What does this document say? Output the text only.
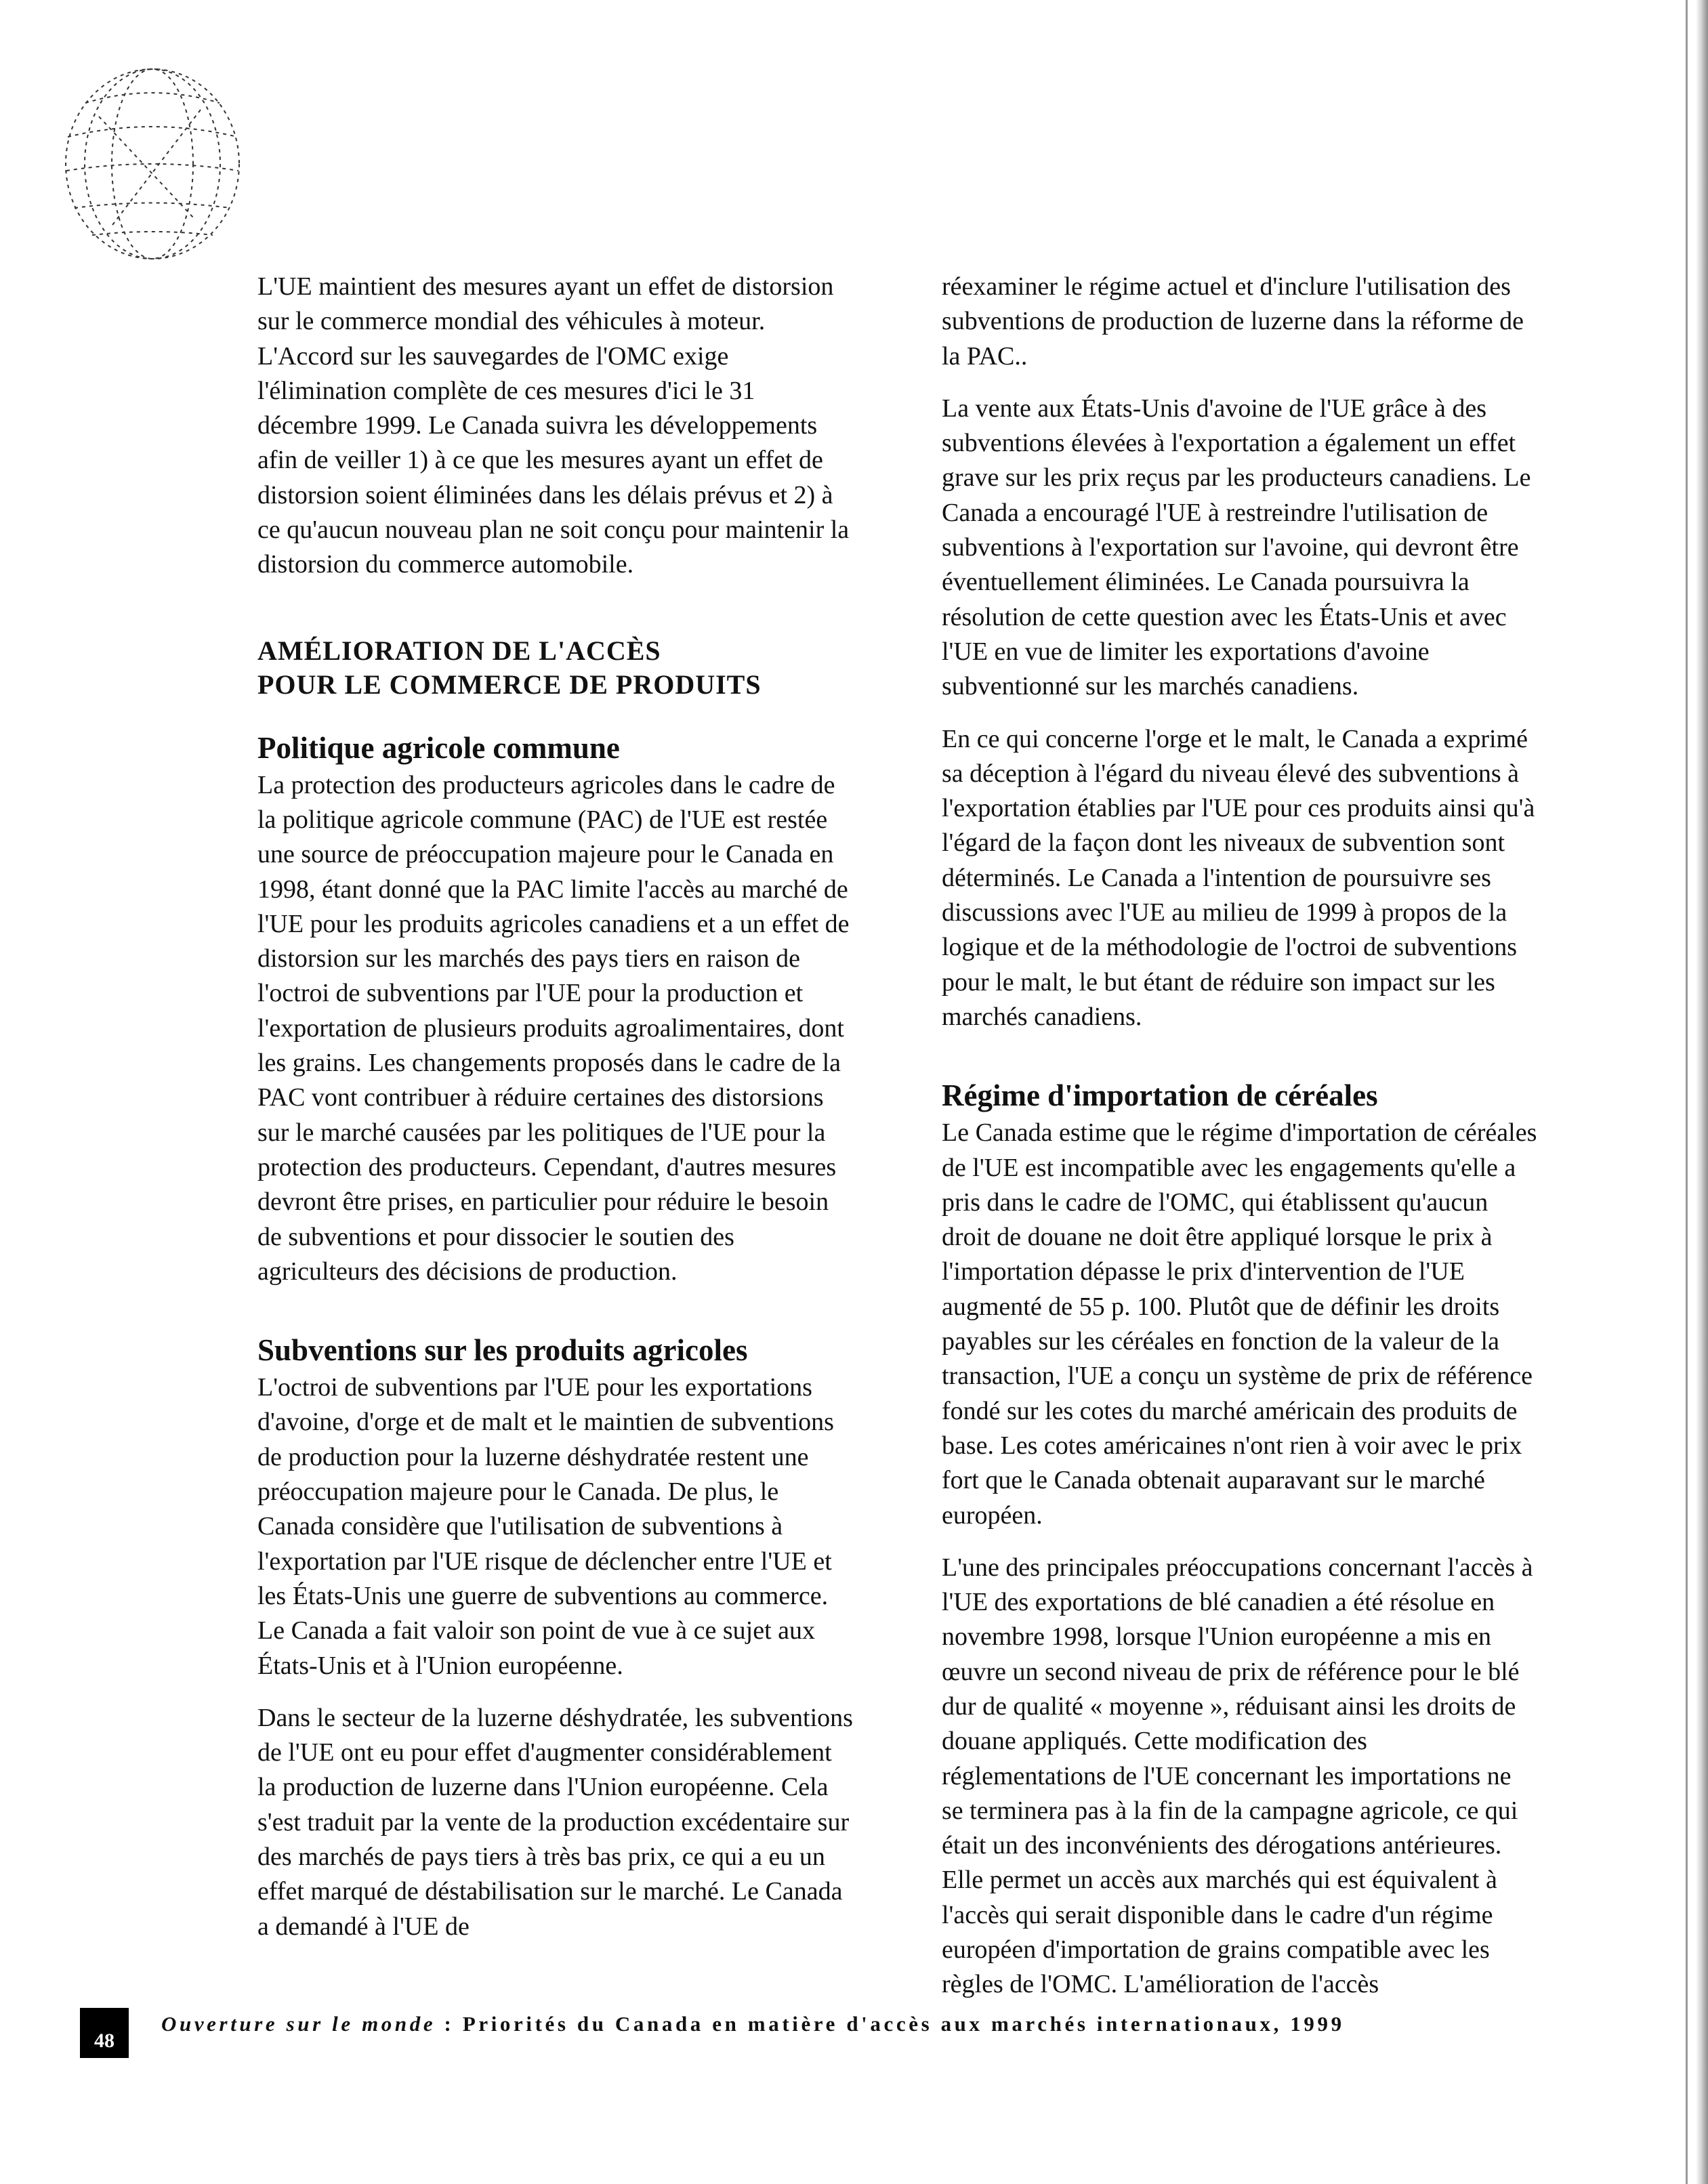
L'UE maintient des mesures ayant un effet de distorsion sur le commerce mondial des véhicules à moteur. L'Accord sur les sauvegardes de l'OMC exige l'élimination complète de ces mesures d'ici le 31 décembre 1999. Le Canada suivra les développements afin de veiller 1) à ce que les mesures ayant un effet de distorsion soient éliminées dans les délais prévus et 2) à ce qu'aucun nouveau plan ne soit conçu pour maintenir la distorsion du commerce automobile.

AMÉLIORATION DE L'ACCÈS
POUR LE COMMERCE DE PRODUITS
Politique agricole commune

La protection des producteurs agricoles dans le cadre de la politique agricole commune (PAC) de l'UE est restée une source de préoccupation majeure pour le Canada en 1998, étant donné que la PAC limite l'accès au marché de l'UE pour les produits agricoles canadiens et a un effet de distorsion sur les marchés des pays tiers en raison de l'octroi de subventions par l'UE pour la production et l'exportation de plusieurs produits agroalimentaires, dont les grains. Les changements proposés dans le cadre de la PAC vont contribuer à réduire certaines des distorsions sur le marché causées par les politiques de l'UE pour la protection des producteurs. Cependant, d'autres mesures devront être prises, en particulier pour réduire le besoin de subventions et pour dissocier le soutien des agriculteurs des décisions de production.

Subventions sur les produits agricoles

L'octroi de subventions par l'UE pour les exportations d'avoine, d'orge et de malt et le maintien de subventions de production pour la luzerne déshydratée restent une préoccupation majeure pour le Canada. De plus, le Canada considère que l'utilisation de subventions à l'exportation par l'UE risque de déclencher entre l'UE et les États-Unis une guerre de subventions au commerce. Le Canada a fait valoir son point de vue à ce sujet aux États-Unis et à l'Union européenne.

Dans le secteur de la luzerne déshydratée, les subventions de l'UE ont eu pour effet d'augmenter considérablement la production de luzerne dans l'Union européenne. Cela s'est traduit par la vente de la production excédentaire sur des marchés de pays tiers à très bas prix, ce qui a eu un effet marqué de déstabilisation sur le marché. Le Canada a demandé à l'UE de

réexaminer le régime actuel et d'inclure l'utilisation des subventions de production de luzerne dans la réforme de la PAC..

La vente aux États-Unis d'avoine de l'UE grâce à des subventions élevées à l'exportation a également un effet grave sur les prix reçus par les producteurs canadiens. Le Canada a encouragé l'UE à restreindre l'utilisation de subventions à l'exportation sur l'avoine, qui devront être éventuellement éliminées. Le Canada poursuivra la résolution de cette question avec les États-Unis et avec l'UE en vue de limiter les exportations d'avoine subventionné sur les marchés canadiens.

En ce qui concerne l'orge et le malt, le Canada a exprimé sa déception à l'égard du niveau élevé des subventions à l'exportation établies par l'UE pour ces produits ainsi qu'à l'égard de la façon dont les niveaux de subvention sont déterminés. Le Canada a l'intention de poursuivre ses discussions avec l'UE au milieu de 1999 à propos de la logique et de la méthodologie de l'octroi de subventions pour le malt, le but étant de réduire son impact sur les marchés canadiens.

Régime d'importation de céréales

Le Canada estime que le régime d'importation de céréales de l'UE est incompatible avec les engagements qu'elle a pris dans le cadre de l'OMC, qui établissent qu'aucun droit de douane ne doit être appliqué lorsque le prix à l'importation dépasse le prix d'intervention de l'UE augmenté de 55 p. 100. Plutôt que de définir les droits payables sur les céréales en fonction de la valeur de la transaction, l'UE a conçu un système de prix de référence fondé sur les cotes du marché américain des produits de base. Les cotes américaines n'ont rien à voir avec le prix fort que le Canada obtenait auparavant sur le marché européen.

L'une des principales préoccupations concernant l'accès à l'UE des exportations de blé canadien a été résolue en novembre 1998, lorsque l'Union européenne a mis en œuvre un second niveau de prix de référence pour le blé dur de qualité « moyenne », réduisant ainsi les droits de douane appliqués. Cette modification des réglementations de l'UE concernant les importations ne se terminera pas à la fin de la campagne agricole, ce qui était un des inconvénients des dérogations antérieures. Elle permet un accès aux marchés qui est équivalent à l'accès qui serait disponible dans le cadre d'un régime européen d'importation de grains compatible avec les règles de l'OMC. L'amélioration de l'accès

48
Ouverture sur le monde : Priorités du Canada en matière d'accès aux marchés internationaux, 1999
